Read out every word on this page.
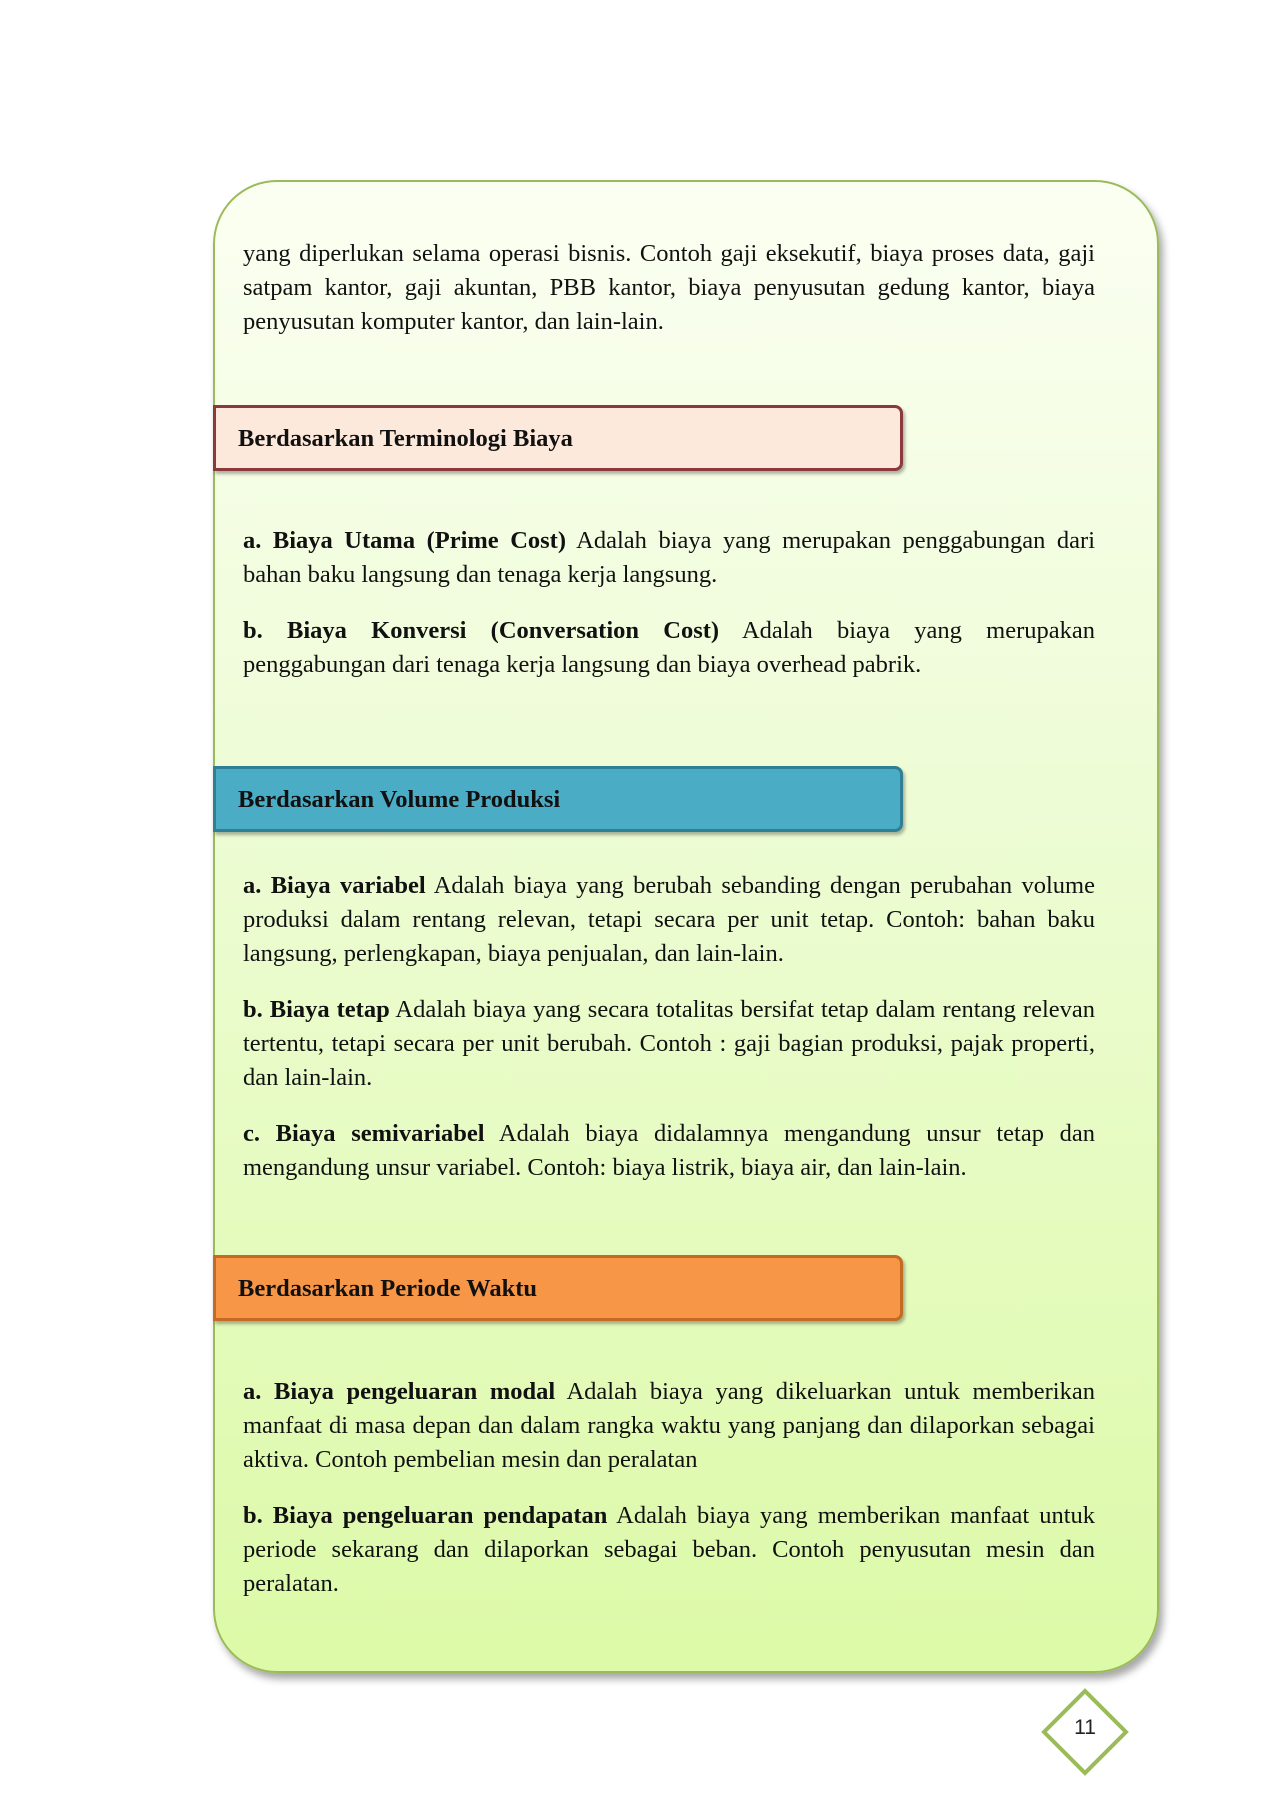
yang diperlukan selama operasi bisnis. Contoh gaji eksekutif, biaya proses data, gaji satpam kantor, gaji akuntan, PBB kantor, biaya penyusutan gedung kantor, biaya penyusutan komputer kantor, dan lain-lain.

Berdasarkan Terminologi Biaya

a. Biaya Utama (Prime Cost) Adalah biaya yang merupakan penggabungan dari bahan baku langsung dan tenaga kerja langsung.

b. Biaya Konversi (Conversation Cost) Adalah biaya yang merupakan penggabungan dari tenaga kerja langsung dan biaya overhead pabrik.

Berdasarkan Volume Produksi

a. Biaya variabel Adalah biaya yang berubah sebanding dengan perubahan volume produksi dalam rentang relevan, tetapi secara per unit tetap. Contoh: bahan baku langsung, perlengkapan, biaya penjualan, dan lain-lain.

b. Biaya tetap Adalah biaya yang secara totalitas bersifat tetap dalam rentang relevan tertentu, tetapi secara per unit berubah. Contoh : gaji bagian produksi, pajak properti, dan lain-lain.

c. Biaya semivariabel Adalah biaya didalamnya mengandung unsur tetap dan mengandung unsur variabel. Contoh: biaya listrik, biaya air, dan lain-lain.

Berdasarkan Periode Waktu

a. Biaya pengeluaran modal Adalah biaya yang dikeluarkan untuk memberikan manfaat di masa depan dan dalam rangka waktu yang panjang dan dilaporkan sebagai aktiva. Contoh pembelian mesin dan peralatan

b. Biaya pengeluaran pendapatan Adalah biaya yang memberikan manfaat untuk periode sekarang dan dilaporkan sebagai beban. Contoh penyusutan mesin dan peralatan.

11
